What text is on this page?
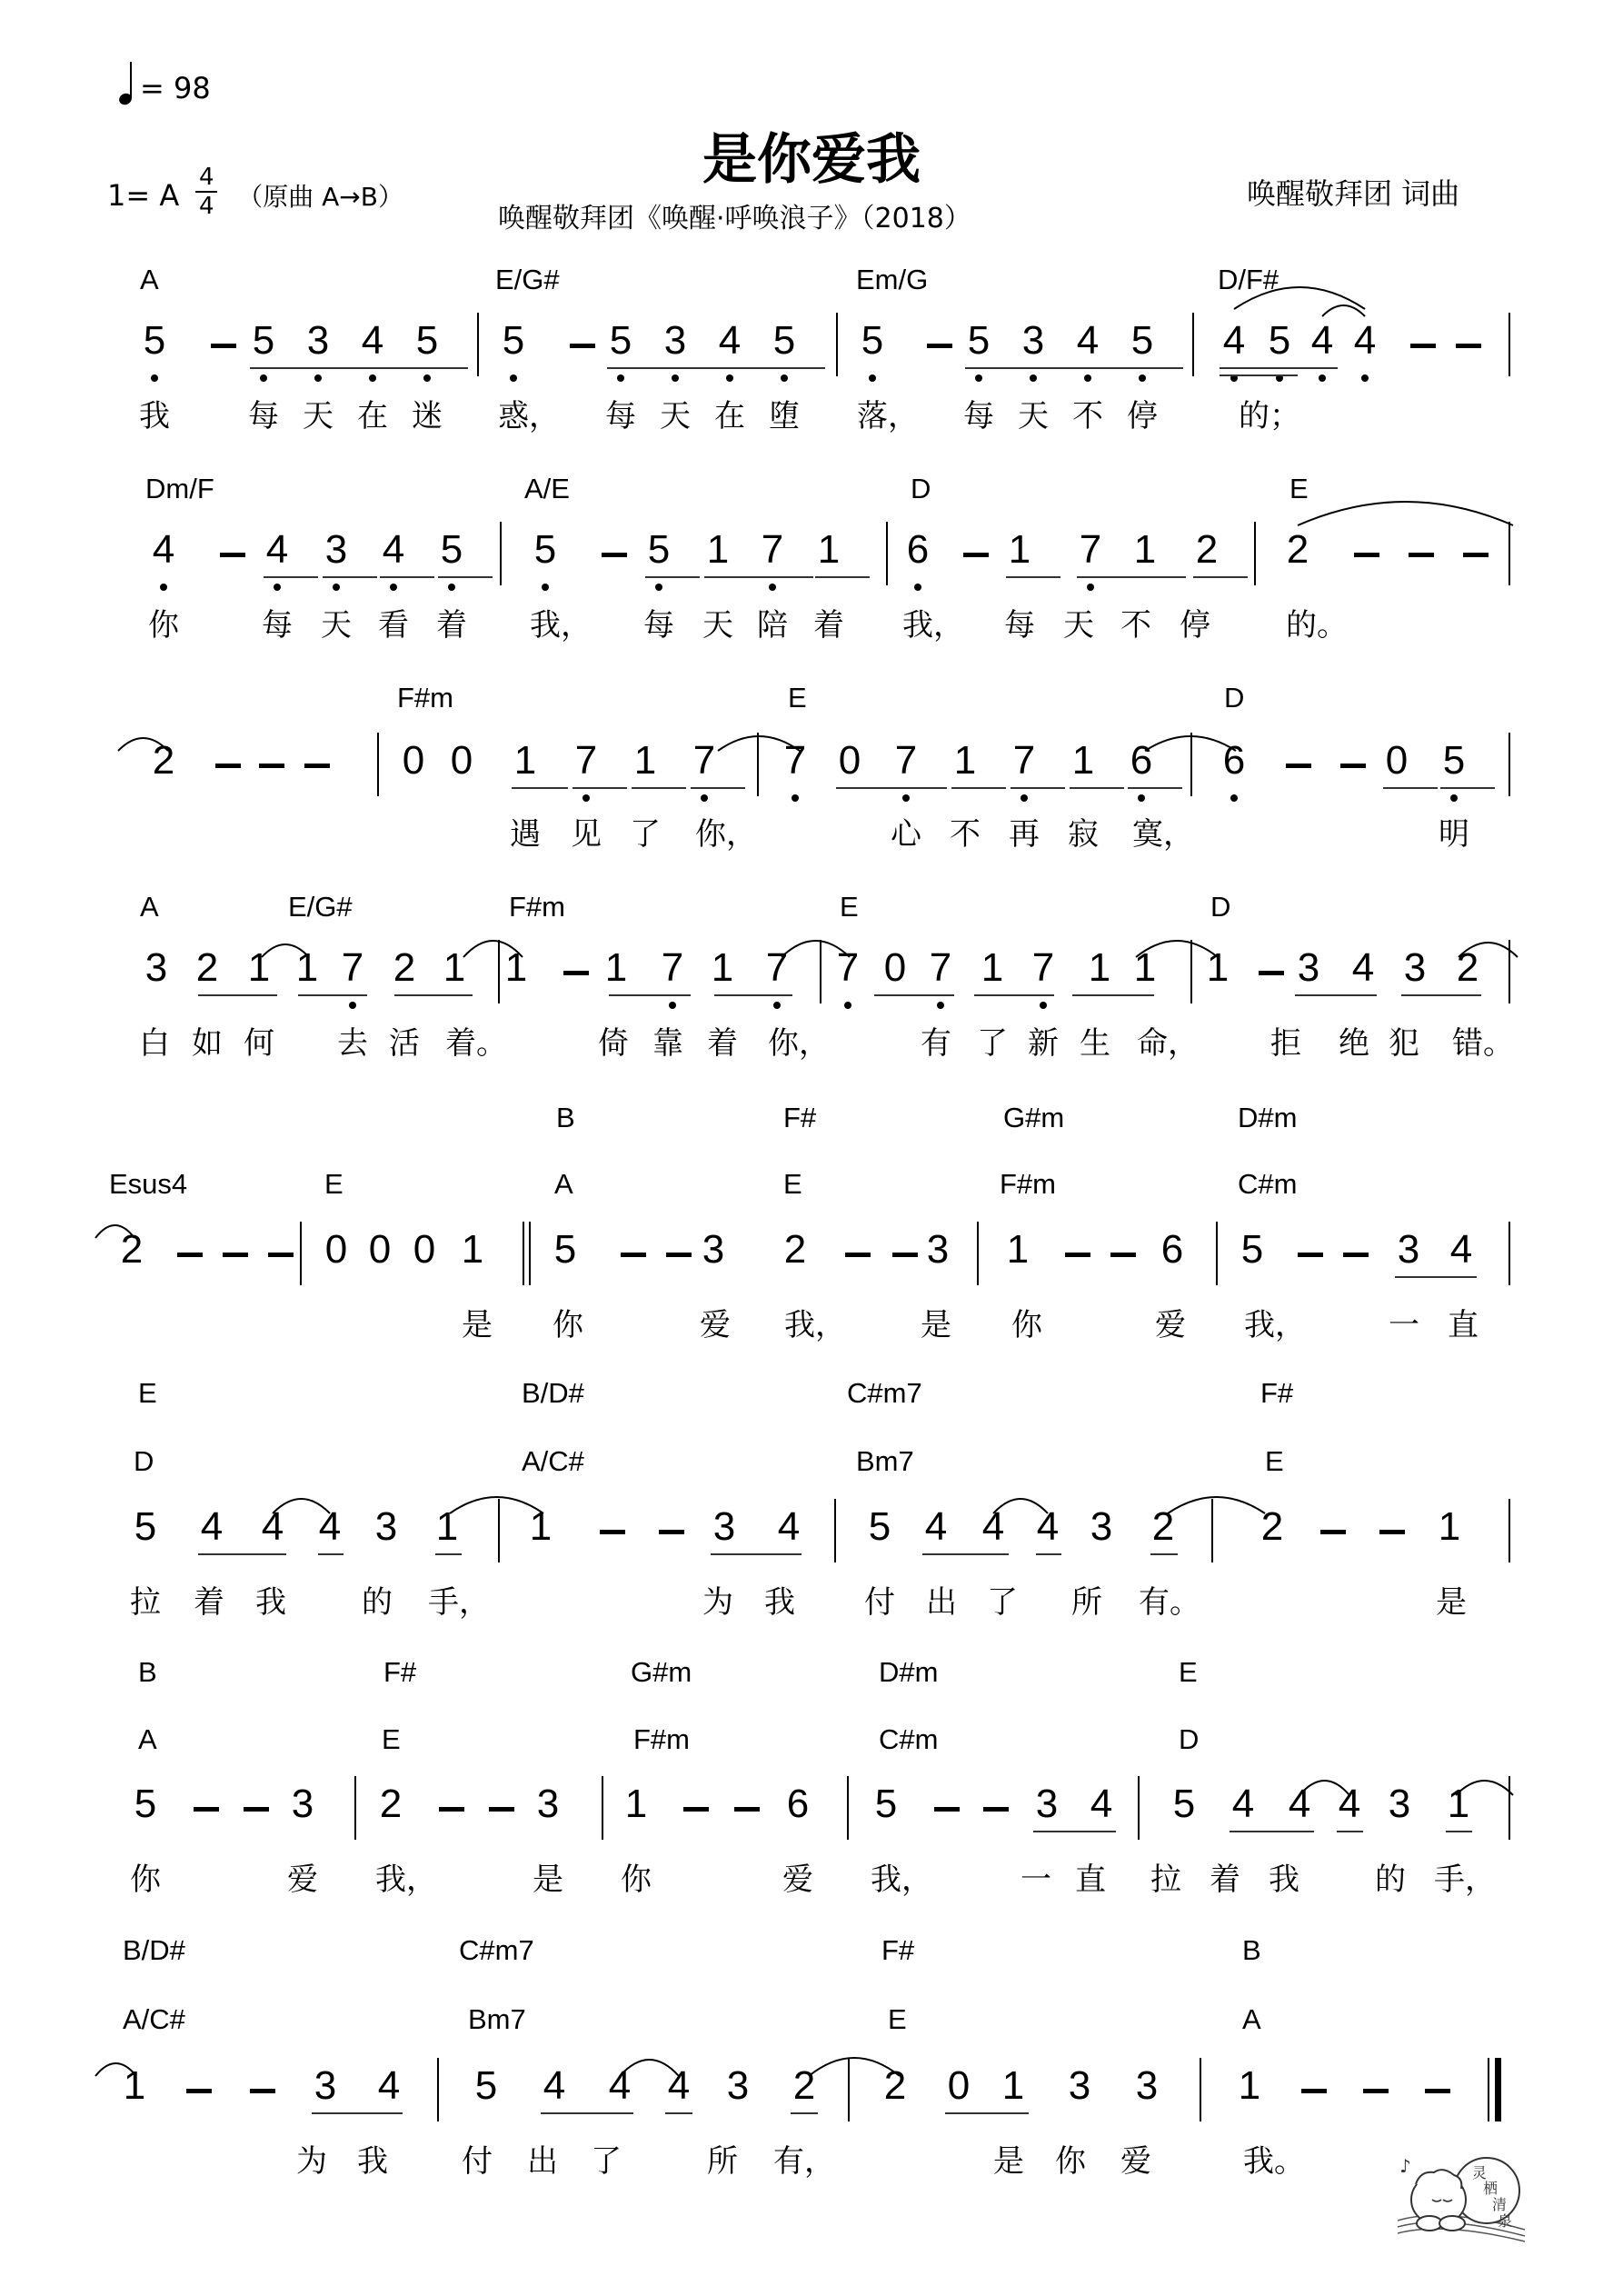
= 98
是你爱我
1= A $\frac{4}{4}$ （原曲 A→B）
唤醒敬拜团《唤醒·呼唤浪子》（2018）
唤醒敬拜团 词曲
A	E/G#	Em/G	D/F#
5 5 3 4 5 5 5 3 4 5 5 5 3 4 5 4 5 4 4
我	每 天 在 迷 惑， 每 天 在 堕 落， 每 天 不 停	的；
Dm/F	A/E	D	E
4 4 3 4 5 5 5 1 7 1 6 1 7 1 2 2
你	每 天 看 着 我， 每 天 陪 着 我， 每 天 不 停 的。
F#m	E	D
2	0 0 1 7 1 7 7 0 7 1 7 1 6 6	0 5
遇 见 了 你，	心 不 再 寂 寞，	明
A	E/G#	F#m	E	D
3 2 1 1 7 2 1 1 1 7 1 7 7 0 7 1 7 1 1 1 3 4 3 2
白 如 何 去 活 着。	倚 靠 着 你，	有 了 新 生 命， 拒 绝 犯 错。
B	F#	G#m	D#m
Esus4	E	A	E	F#m	C#m
2	0 0 0 1 5	3 2	3 1	6 5	3 4
是 你	爱 我， 是 你	爱 我，	一 直
E	B/D#	C#m7	F#
D	A/C#	Bm7	E
5 4 4 4 3 1 1	3 4 5 4 4 4 3 2 2	1
拉 着 我 的 手，	为 我 付 出 了 所 有。	是
B	F#	G#m	D#m	E
A	E	F#m	C#m	D
5	3 2	3 1	6 5	3 4 5 4 4 4 3 1
你	爱 我，	是 你	爱 我，	一 直 拉 着 我 的 手，
B/D#	C#m7	F#	B
A/C#	Bm7	E	A
1	3 4 5 4 4 4 3 2 2 0 1 3 3 1
为 我 付 出 了	所 有，	是 你 爱	我。	♪	灵
栖
清
泉
